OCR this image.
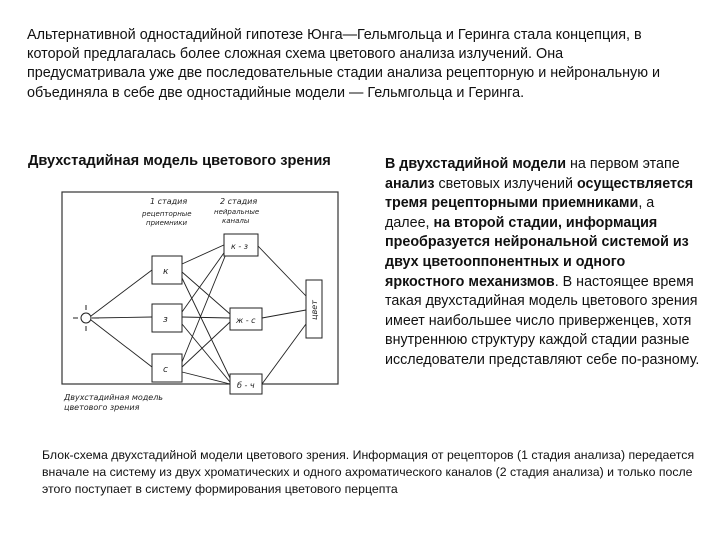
Альтернативной одностадийной гипотезе Юнга—Гельмгольца и Геринга стала концепция, в которой предлагалась более сложная схема цветового анализа излучений. Она предусматривала уже две последовательные стадии анализа рецепторную и нейрональную и объединяла в себе две одностадийные модели — Гельмгольца и Геринга.

Двухстадийная модель цветового зрения

1 стадия
рецепторные
приемники
2 стадия
нейральные
каналы
к
з
с
к - з
ж - с
б - ч
цвет
Двухстадийная модель
цветового зрения

В двухстадийной модели на первом этапе анализ световых излучений осуществляется тремя рецепторными приемниками, а далее, на второй стадии, информация преобразуется нейрональной системой из двух цветооппонентных и одного яркостного механизмов. В настоящее время такая двухстадийная модель цветового зрения имеет наибольшее число приверженцев, хотя внутреннюю структуру каждой стадии разные исследователи представляют себе по-разному.

Блок-схема двухстадийной модели цветового зрения. Информация от рецепторов (1 стадия анализа) передается вначале на систему из двух хроматических и одного ахроматического каналов (2 стадия анализа) и только после этого поступает в систему формирования цветового перцепта
